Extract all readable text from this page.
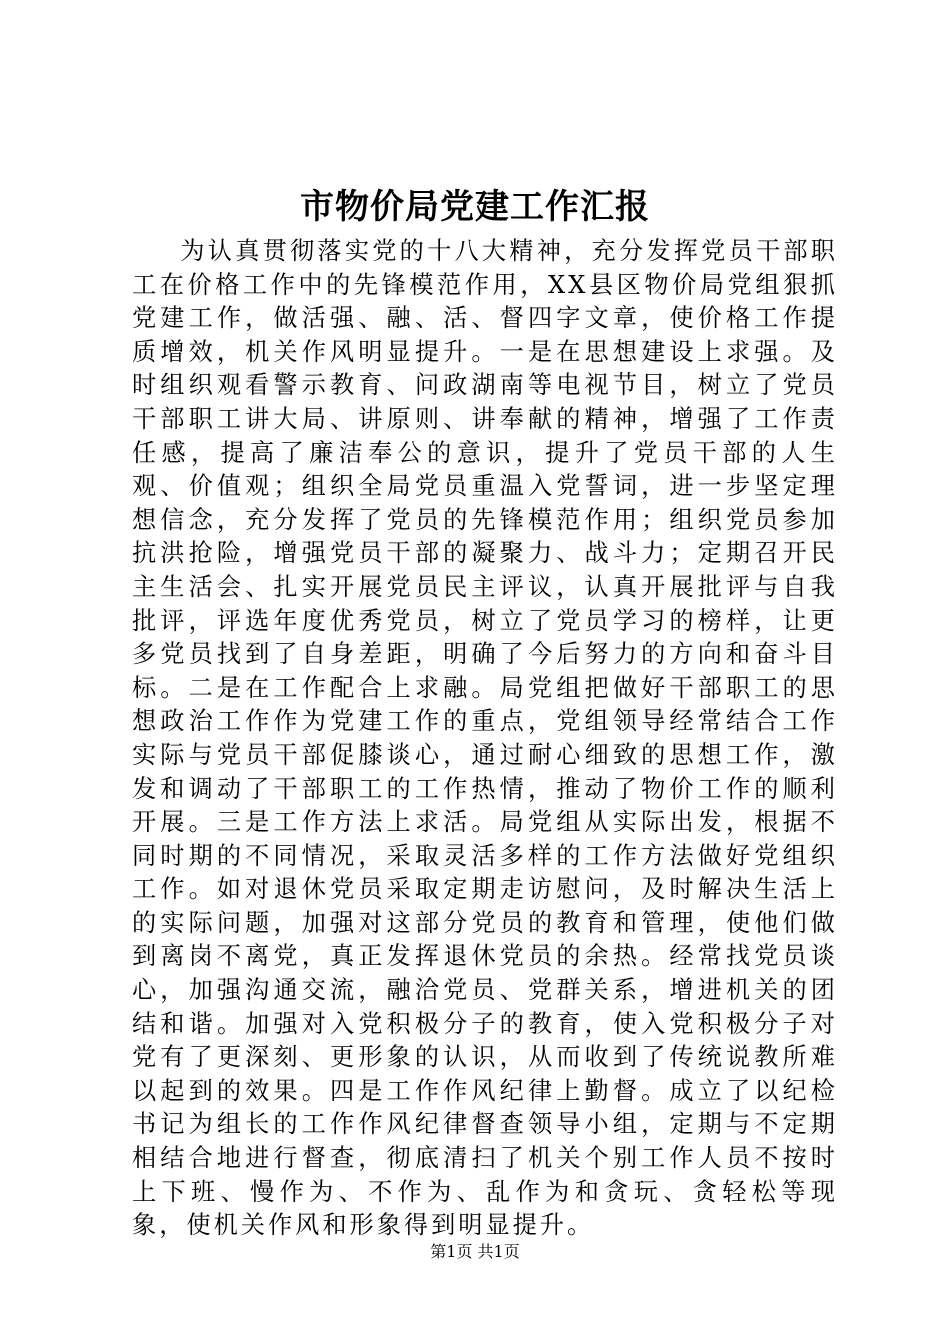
市物价局党建工作汇报

为认真贯彻落实党的十八大精神，充分发挥党员干部职工在价格工作中的先锋模范作用，XX县区物价局党组狠抓党建工作，做活强、融、活、督四字文章，使价格工作提质增效，机关作风明显提升。一是在思想建设上求强。及时组织观看警示教育、问政湖南等电视节目，树立了党员干部职工讲大局、讲原则、讲奉献的精神，增强了工作责任感，提高了廉洁奉公的意识，提升了党员干部的人生观、价值观；组织全局党员重温入党誓词，进一步坚定理想信念，充分发挥了党员的先锋模范作用；组织党员参加抗洪抢险，增强党员干部的凝聚力、战斗力；定期召开民主生活会、扎实开展党员民主评议，认真开展批评与自我批评，评选年度优秀党员，树立了党员学习的榜样，让更多党员找到了自身差距，明确了今后努力的方向和奋斗目标。二是在工作配合上求融。局党组把做好干部职工的思想政治工作作为党建工作的重点，党组领导经常结合工作实际与党员干部促膝谈心，通过耐心细致的思想工作，激发和调动了干部职工的工作热情，推动了物价工作的顺利开展。三是工作方法上求活。局党组从实际出发，根据不同时期的不同情况，采取灵活多样的工作方法做好党组织工作。如对退休党员采取定期走访慰问，及时解决生活上的实际问题，加强对这部分党员的教育和管理，使他们做到离岗不离党，真正发挥退休党员的余热。经常找党员谈心，加强沟通交流，融洽党员、党群关系，增进机关的团结和谐。加强对入党积极分子的教育，使入党积极分子对党有了更深刻、更形象的认识，从而收到了传统说教所难以起到的效果。四是工作作风纪律上勤督。成立了以纪检书记为组长的工作作风纪律督查领导小组，定期与不定期相结合地进行督查，彻底清扫了机关个别工作人员不按时上下班、慢作为、不作为、乱作为和贪玩、贪轻松等现象，使机关作风和形象得到明显提升。

第1页 共1页
